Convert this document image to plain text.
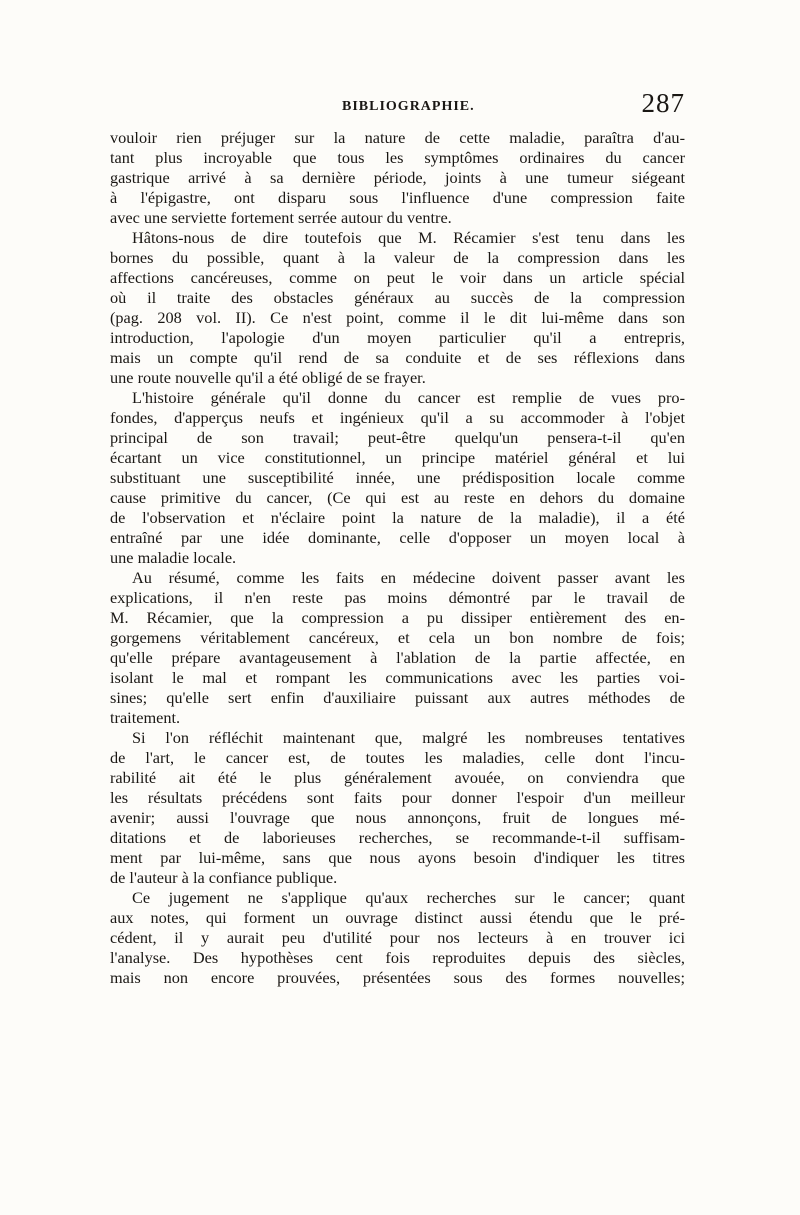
BIBLIOGRAPHIE.	287
vouloir rien préjuger sur la nature de cette maladie, paraîtra d'au-
tant plus incroyable que tous les symptômes ordinaires du cancer
gastrique arrivé à sa dernière période, joints à une tumeur siégeant
à l'épigastre, ont disparu sous l'influence d'une compression faite
avec une serviette fortement serrée autour du ventre.
Hâtons-nous de dire toutefois que M. Récamier s'est tenu dans les
bornes du possible, quant à la valeur de la compression dans les
affections cancéreuses, comme on peut le voir dans un article spécial
où il traite des obstacles généraux au succès de la compression
(pag. 208 vol. II). Ce n'est point, comme il le dit lui-même dans son
introduction, l'apologie d'un moyen particulier qu'il a entrepris,
mais un compte qu'il rend de sa conduite et de ses réflexions dans
une route nouvelle qu'il a été obligé de se frayer.
L'histoire générale qu'il donne du cancer est remplie de vues pro-
fondes, d'apperçus neufs et ingénieux qu'il a su accommoder à l'objet
principal de son travail; peut-être quelqu'un pensera-t-il qu'en
écartant un vice constitutionnel, un principe matériel général et lui
substituant une susceptibilité innée, une prédisposition locale comme
cause primitive du cancer, (Ce qui est au reste en dehors du domaine
de l'observation et n'éclaire point la nature de la maladie), il a été
entraîné par une idée dominante, celle d'opposer un moyen local à
une maladie locale.
Au résumé, comme les faits en médecine doivent passer avant les
explications, il n'en reste pas moins démontré par le travail de
M. Récamier, que la compression a pu dissiper entièrement des en-
gorgemens véritablement cancéreux, et cela un bon nombre de fois;
qu'elle prépare avantageusement à l'ablation de la partie affectée, en
isolant le mal et rompant les communications avec les parties voi-
sines; qu'elle sert enfin d'auxiliaire puissant aux autres méthodes de
traitement.
Si l'on réfléchit maintenant que, malgré les nombreuses tentatives
de l'art, le cancer est, de toutes les maladies, celle dont l'incu-
rabilité ait été le plus généralement avouée, on conviendra que
les résultats précédens sont faits pour donner l'espoir d'un meilleur
avenir; aussi l'ouvrage que nous annonçons, fruit de longues mé-
ditations et de laborieuses recherches, se recommande-t-il suffisam-
ment par lui-même, sans que nous ayons besoin d'indiquer les titres
de l'auteur à la confiance publique.
Ce jugement ne s'applique qu'aux recherches sur le cancer; quant
aux notes, qui forment un ouvrage distinct aussi étendu que le pré-
cédent, il y aurait peu d'utilité pour nos lecteurs à en trouver ici
l'analyse. Des hypothèses cent fois reproduites depuis des siècles,
mais non encore prouvées, présentées sous des formes nouvelles;
